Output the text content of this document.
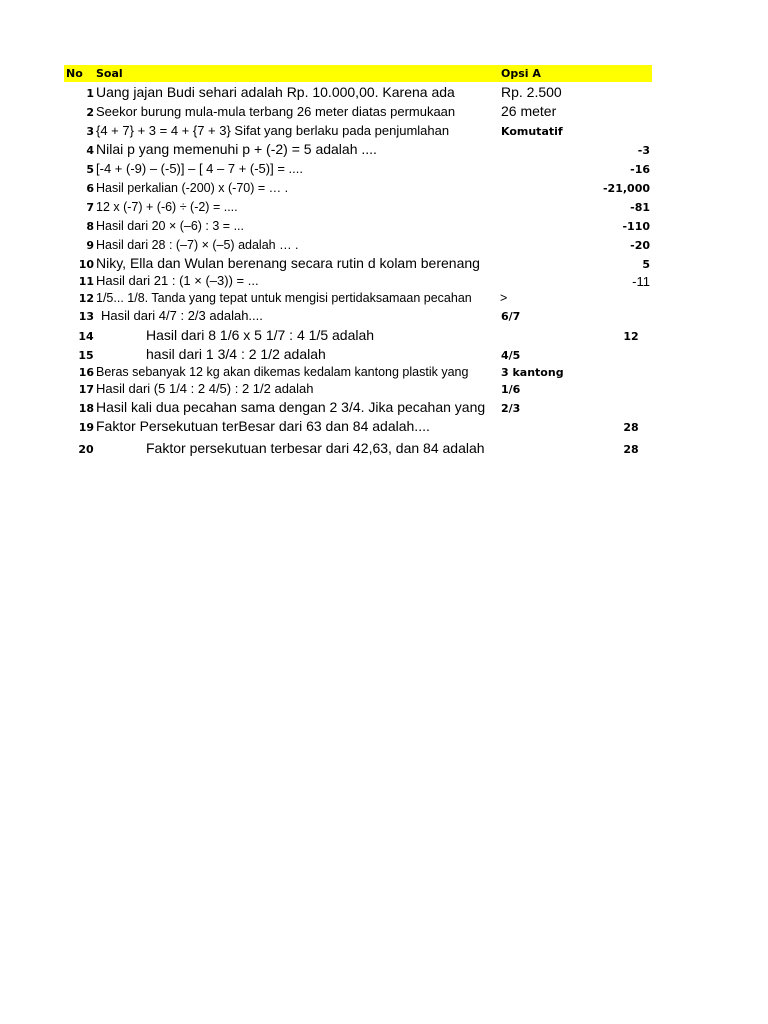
No Soal	Opsi A
1 Uang jajan Budi sehari adalah Rp. 10.000,00. Karena ada	Rp. 2.500
2 Seekor burung mula-mula terbang 26 meter diatas permukaan	26 meter
3 {4 + 7} + 3 = 4 + {7 + 3} Sifat yang berlaku pada penjumlahan	Komutatif
4 Nilai p yang memenuhi p + (-2) = 5 adalah ....	-3
5 [-4 + (-9) – (-5)] – [ 4 – 7 + (-5)] = ....	-16
6 Hasil perkalian (-200) x (-70) = … .	-21,000
7 12 x (-7) + (-6) ÷ (-2) = ....	-81
8 Hasil dari 20 × (–6) : 3 = ...	-110
9 Hasil dari 28 : (–7) × (–5) adalah … .	-20
10 Niky, Ella dan Wulan berenang secara rutin d kolam berenang	5
11 Hasil dari 21 : (1 × (–3)) = ...	-11
12 1/5... 1/8. Tanda yang tepat untuk mengisi pertidaksamaan pecahan	>
13 Hasil dari 4/7 : 2/3 adalah....	6/7
14	Hasil dari 8 1/6 x 5 1/7 : 4 1/5 adalah	12
15	hasil dari 1 3/4 : 2 1/2 adalah	4/5
16 Beras sebanyak 12 kg akan dikemas kedalam kantong plastik yang	3 kantong
17 Hasil dari (5 1/4 : 2 4/5) : 2 1/2 adalah	1/6
18 Hasil kali dua pecahan sama dengan 2 3/4. Jika pecahan yang	2/3
19 Faktor Persekutuan terBesar dari 63 dan 84 adalah....	28
20	Faktor persekutuan terbesar dari 42,63, dan 84 adalah	28
